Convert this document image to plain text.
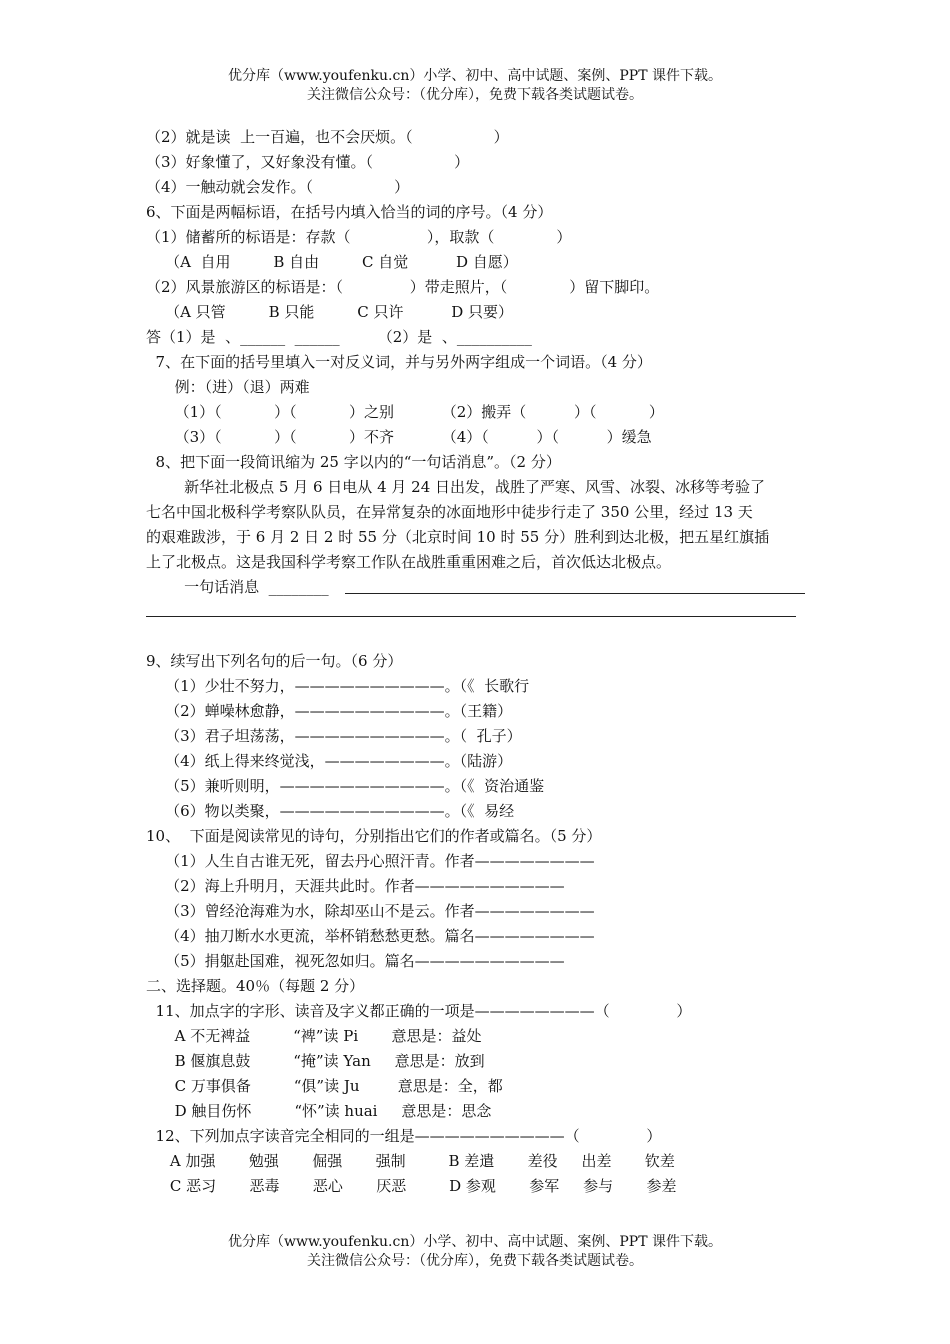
优分库（www.youfenku.cn）小学、初中、高中试题、案例、PPT 课件下载。
关注微信公众号：（优分库），免费下载各类试题试卷。
（2）就是读  上一百遍，也不会厌烦。（                 ）
（3）好象懂了，又好象没有懂。（                 ）
（4）一触动就会发作。（                 ）
6、下面是两幅标语，在括号内填入恰当的词的序号。（4 分）
（1）储蓄所的标语是：存款（                ），取款（             ）
（A  自用         B 自由         C 自觉          D 自愿）
（2）风景旅游区的标语是：（              ）带走照片，（             ）留下脚印。
（A 只管         B 只能         C 只许          D 只要）
答（1）是  、______  ______        （2）是  、__________
7、在下面的括号里填入一对反义词，并与另外两字组成一个词语。（4 分）
例：（进）（退）两难
（1）（           ）（           ）之别          （2）搬弄（          ）（           ）
（3）（           ）（           ）不齐          （4）（          ）（          ）缓急
8、把下面一段简讯缩为 25 字以内的“一句话消息”。（2 分）
新华社北极点 5 月 6 日电从 4 月 24 日出发，战胜了严寒、风雪、冰裂、冰移等考验了
七名中国北极科学考察队队员，在异常复杂的冰面地形中徒步行走了 350 公里，经过 13 天
的艰难跋涉，于 6 月 2 日 2 时 55 分（北京时间 10 时 55 分）胜利到达北极，把五星红旗插
上了北极点。这是我国科学考察工作队在战胜重重困难之后，首次低达北极点。
一句话消息  ________
9、续写出下列名句的后一句。（6 分）
（1）少壮不努力，——————————。（《  长歌行
（2）蝉噪林愈静，——————————。（王籍）
（3）君子坦荡荡，——————————。（  孔子）
（4）纸上得来终觉浅，————————。（陆游）
（5）兼听则明，———————————。（《  资治通鉴
（6）物以类聚，———————————。（《  易经
10、  下面是阅读常见的诗句，分别指出它们的作者或篇名。（5 分）
（1）人生自古谁无死，留去丹心照汗青。作者————————
（2）海上升明月，天涯共此时。作者——————————
（3）曾经沧海难为水，除却巫山不是云。作者————————
（4）抽刀断水水更流，举杯销愁愁更愁。篇名————————
（5）捐躯赴国难，视死忽如归。篇名——————————
二、选择题。40％（每题 2 分）
11、加点字的字形、读音及字义都正确的一项是————————（              ）
A 不无裨益         “裨”读 Pi       意思是：益处
B 偃旗息鼓         “掩”读 Yan     意思是：放到
C 万事俱备         “俱”读 Ju        意思是：全，都
D 触目伤怀         “怀”读 huai     意思是：思念
12、下列加点字读音完全相同的一组是——————————（              ）
A 加强       勉强       倔强       强制         B 差遣       差役     出差       钦差
C 恶习       恶毒       恶心       厌恶         D 参观       参军     参与       参差
优分库（www.youfenku.cn）小学、初中、高中试题、案例、PPT 课件下载。
关注微信公众号：（优分库），免费下载各类试题试卷。
